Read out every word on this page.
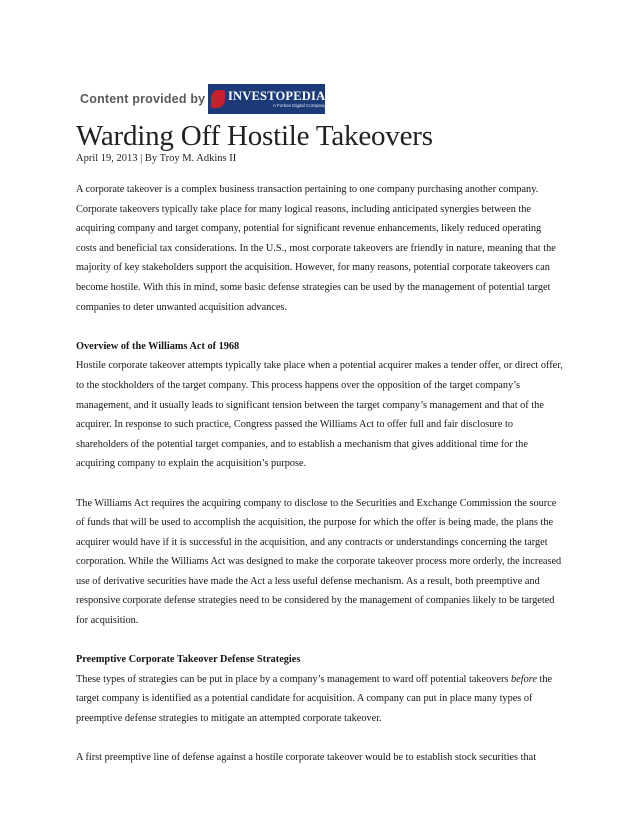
Content provided by INVESTOPEDIA
A Forbes Digital Company
Warding Off Hostile Takeovers
April 19, 2013 | By Troy M. Adkins II

A corporate takeover is a complex business transaction pertaining to one company purchasing another company. Corporate takeovers typically take place for many logical reasons, including anticipated synergies between the acquiring company and target company, potential for significant revenue enhancements, likely reduced operating costs and beneficial tax considerations. In the U.S., most corporate takeovers are friendly in nature, meaning that the majority of key stakeholders support the acquisition. However, for many reasons, potential corporate takeovers can become hostile. With this in mind, some basic defense strategies can be used by the management of potential target companies to deter unwanted acquisition advances.

Overview of the Williams Act of 1968

Hostile corporate takeover attempts typically take place when a potential acquirer makes a tender offer, or direct offer, to the stockholders of the target company. This process happens over the opposition of the target company’s management, and it usually leads to significant tension between the target company’s management and that of the acquirer. In response to such practice, Congress passed the Williams Act to offer full and fair disclosure to shareholders of the potential target companies, and to establish a mechanism that gives additional time for the acquiring company to explain the acquisition’s purpose.

The Williams Act requires the acquiring company to disclose to the Securities and Exchange Commission the source of funds that will be used to accomplish the acquisition, the purpose for which the offer is being made, the plans the acquirer would have if it is successful in the acquisition, and any contracts or understandings concerning the target corporation. While the Williams Act was designed to make the corporate takeover process more orderly, the increased use of derivative securities have made the Act a less useful defense mechanism. As a result, both preemptive and responsive corporate defense strategies need to be considered by the management of companies likely to be targeted for acquisition.

Preemptive Corporate Takeover Defense Strategies

These types of strategies can be put in place by a company’s management to ward off potential takeovers before the target company is identified as a potential candidate for acquisition. A company can put in place many types of preemptive defense strategies to mitigate an attempted corporate takeover.

A first preemptive line of defense against a hostile corporate takeover would be to establish stock securities that
